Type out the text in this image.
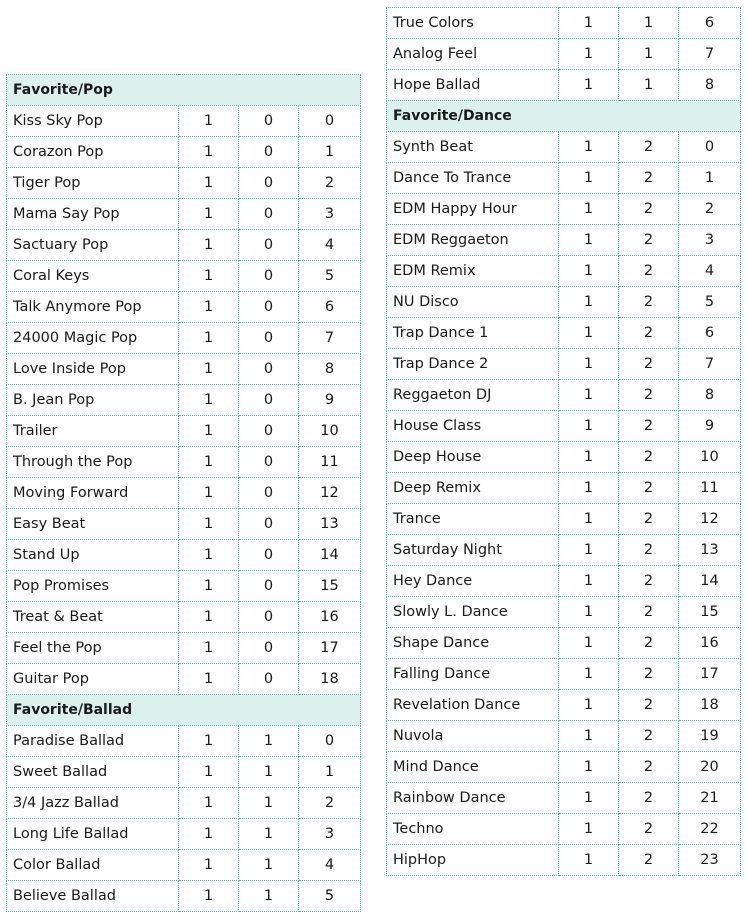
Favorite/Pop			
Kiss Sky Pop	1	0	0
Corazon Pop	1	0	1
Tiger Pop	1	0	2
Mama Say Pop	1	0	3
Sactuary Pop	1	0	4
Coral Keys	1	0	5
Talk Anymore Pop	1	0	6
24000 Magic Pop	1	0	7
Love Inside Pop	1	0	8
B. Jean Pop	1	0	9
Trailer	1	0	10
Through the Pop	1	0	11
Moving Forward	1	0	12
Easy Beat	1	0	13
Stand Up	1	0	14
Pop Promises	1	0	15
Treat & Beat	1	0	16
Feel the Pop	1	0	17
Guitar Pop	1	0	18
Favorite/Ballad			
Paradise Ballad	1	1	0
Sweet Ballad	1	1	1
3/4 Jazz Ballad	1	1	2
Long Life Ballad	1	1	3
Color Ballad	1	1	4
Believe Ballad	1	1	5
True Colors	1	1	6
Analog Feel	1	1	7
Hope Ballad	1	1	8
Favorite/Dance			
Synth Beat	1	2	0
Dance To Trance	1	2	1
EDM Happy Hour	1	2	2
EDM Reggaeton	1	2	3
EDM Remix	1	2	4
NU Disco	1	2	5
Trap Dance 1	1	2	6
Trap Dance 2	1	2	7
Reggaeton DJ	1	2	8
House Class	1	2	9
Deep House	1	2	10
Deep Remix	1	2	11
Trance	1	2	12
Saturday Night	1	2	13
Hey Dance	1	2	14
Slowly L. Dance	1	2	15
Shape Dance	1	2	16
Falling Dance	1	2	17
Revelation Dance	1	2	18
Nuvola	1	2	19
Mind Dance	1	2	20
Rainbow Dance	1	2	21
Techno	1	2	22
HipHop	1	2	23
